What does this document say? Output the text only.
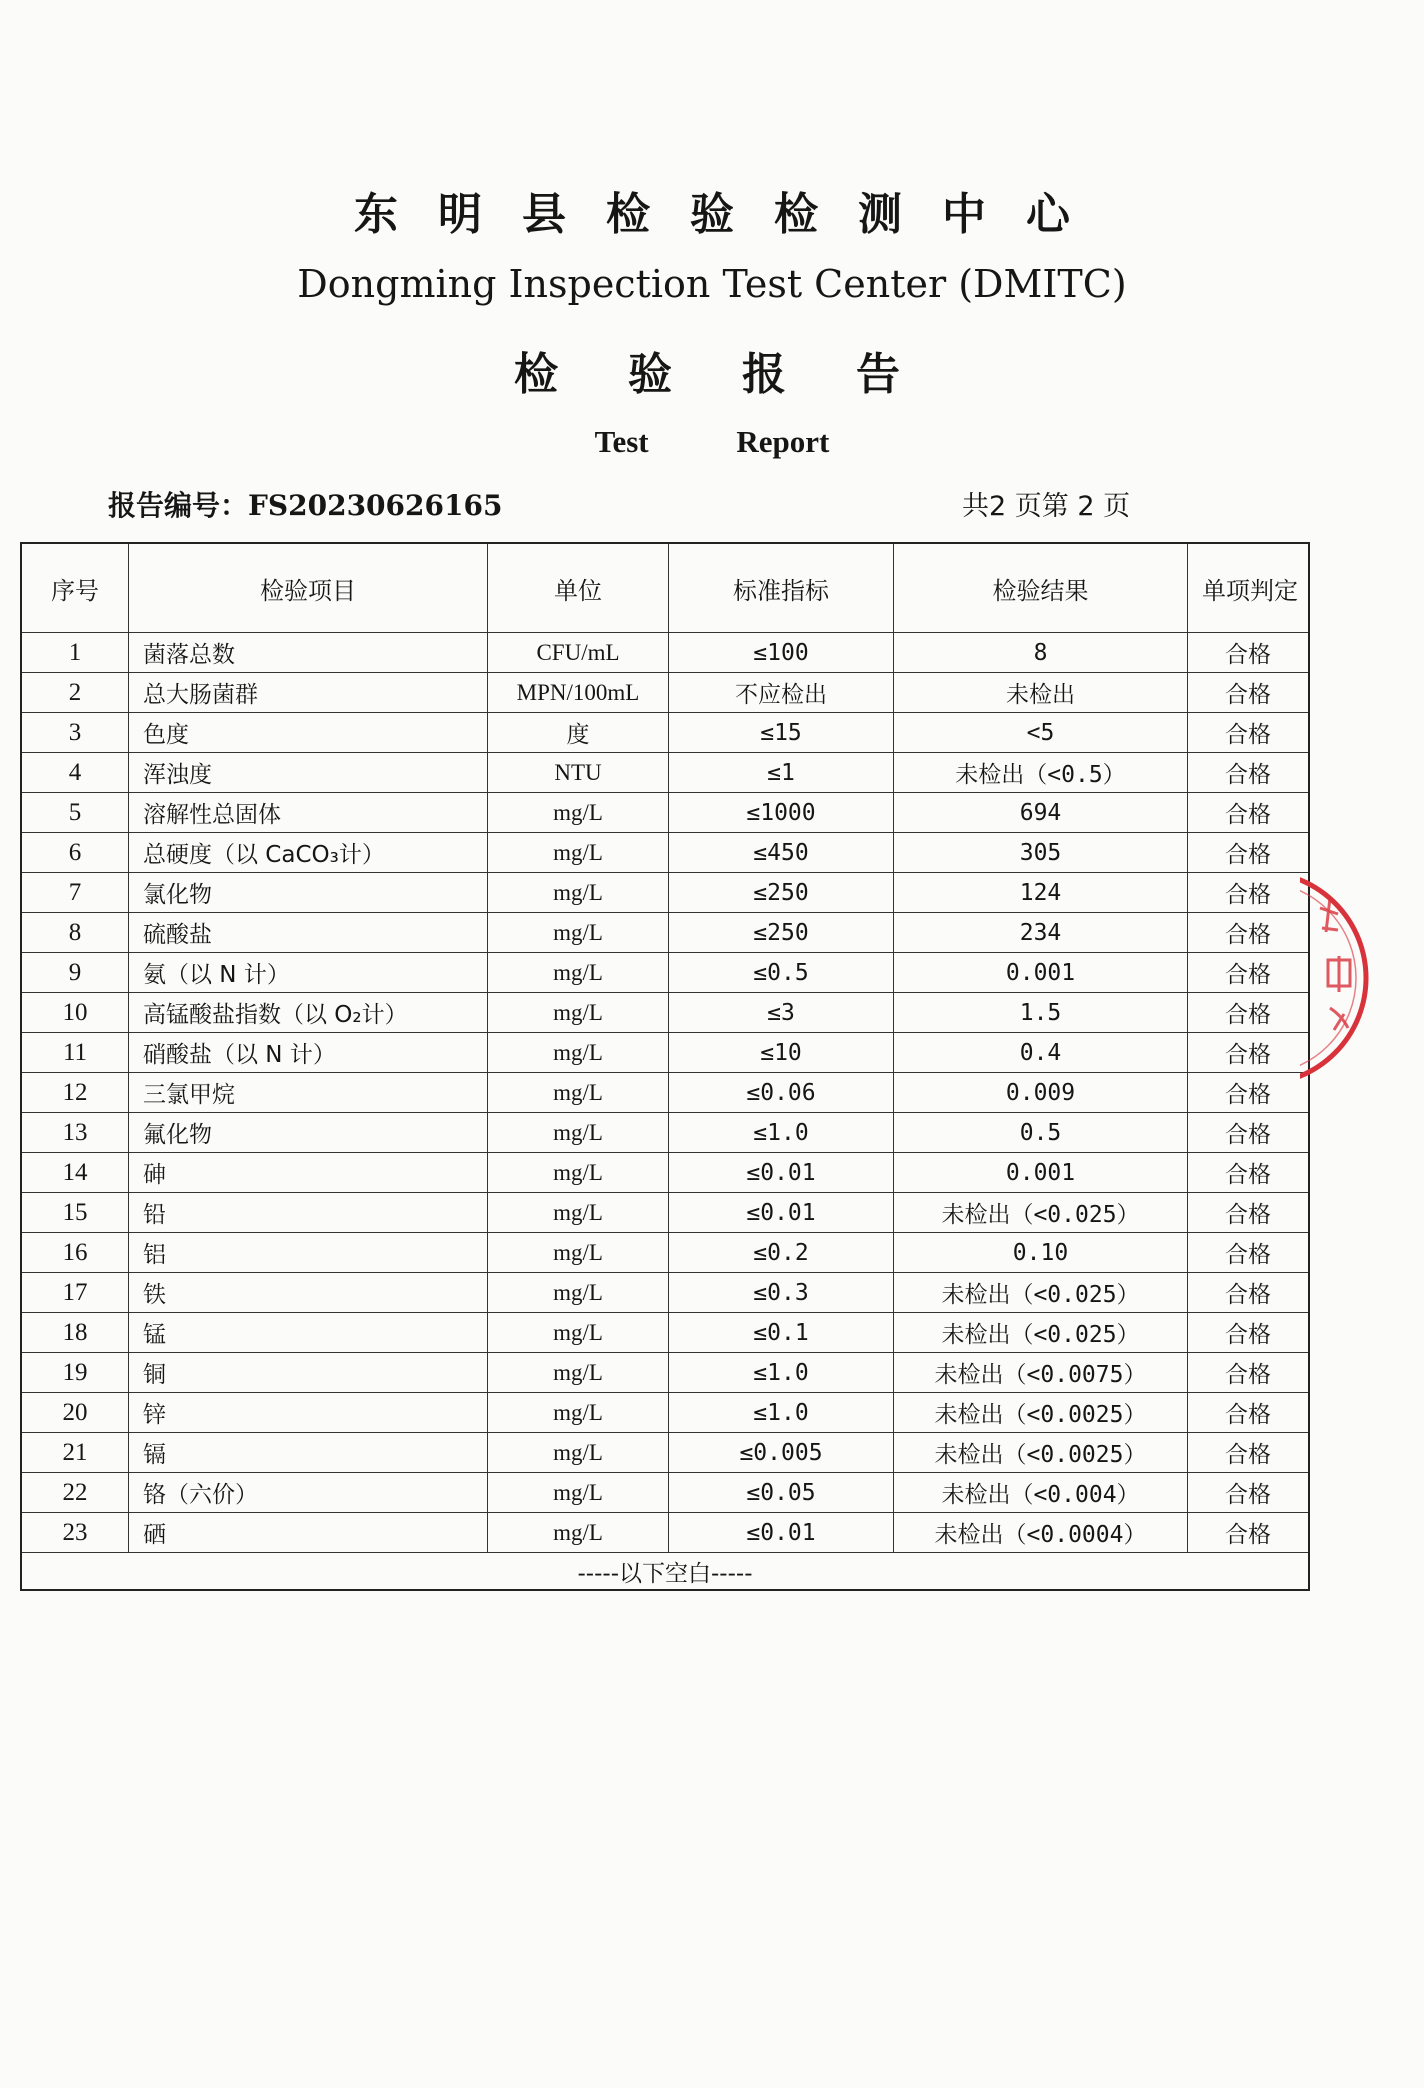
东明县检验检测中心
Dongming Inspection Test Center (DMITC)
检验报告
Test Report
报告编号：FS20230626165	共2 页第 2 页
序号	检验项目	单位	标准指标	检验结果	单项判定
1	菌落总数	CFU/mL	≤100	8	合格
2	总大肠菌群	MPN/100mL	不应检出	未检出	合格
3	色度	度	≤15	<5	合格
4	浑浊度	NTU	≤1	未检出（<0.5）	合格
5	溶解性总固体	mg/L	≤1000	694	合格
6	总硬度（以 CaCO₃计）	mg/L	≤450	305	合格
7	氯化物	mg/L	≤250	124	合格
8	硫酸盐	mg/L	≤250	234	合格
9	氨（以 N 计）	mg/L	≤0.5	0.001	合格
10	高锰酸盐指数（以 O₂计）	mg/L	≤3	1.5	合格
11	硝酸盐（以 N 计）	mg/L	≤10	0.4	合格
12	三氯甲烷	mg/L	≤0.06	0.009	合格
13	氟化物	mg/L	≤1.0	0.5	合格
14	砷	mg/L	≤0.01	0.001	合格
15	铅	mg/L	≤0.01	未检出（<0.025）	合格
16	铝	mg/L	≤0.2	0.10	合格
17	铁	mg/L	≤0.3	未检出（<0.025）	合格
18	锰	mg/L	≤0.1	未检出（<0.025）	合格
19	铜	mg/L	≤1.0	未检出（<0.0075）	合格
20	锌	mg/L	≤1.0	未检出（<0.0025）	合格
21	镉	mg/L	≤0.005	未检出（<0.0025）	合格
22	铬（六价）	mg/L	≤0.05	未检出（<0.004）	合格
23	硒	mg/L	≤0.01	未检出（<0.0004）	合格
-----以下空白-----					
